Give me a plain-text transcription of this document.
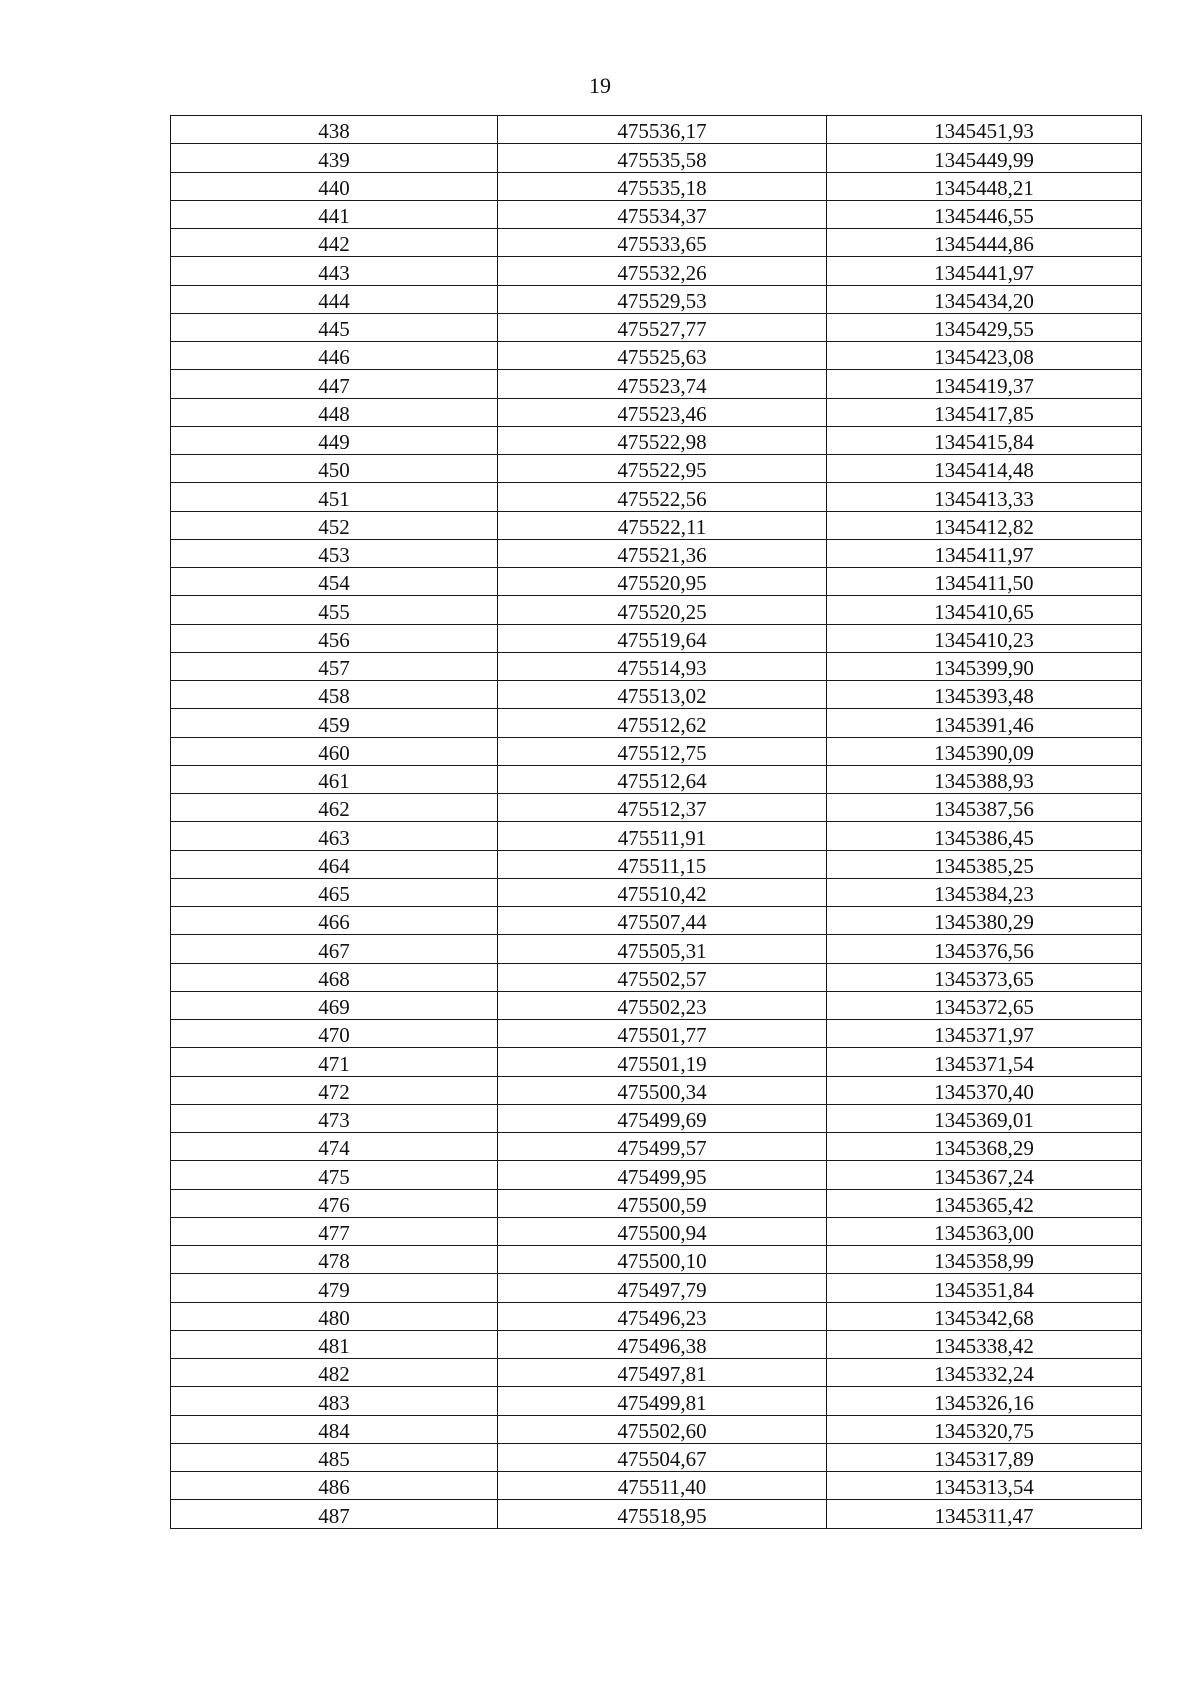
19
438	475536,17	1345451,93
439	475535,58	1345449,99
440	475535,18	1345448,21
441	475534,37	1345446,55
442	475533,65	1345444,86
443	475532,26	1345441,97
444	475529,53	1345434,20
445	475527,77	1345429,55
446	475525,63	1345423,08
447	475523,74	1345419,37
448	475523,46	1345417,85
449	475522,98	1345415,84
450	475522,95	1345414,48
451	475522,56	1345413,33
452	475522,11	1345412,82
453	475521,36	1345411,97
454	475520,95	1345411,50
455	475520,25	1345410,65
456	475519,64	1345410,23
457	475514,93	1345399,90
458	475513,02	1345393,48
459	475512,62	1345391,46
460	475512,75	1345390,09
461	475512,64	1345388,93
462	475512,37	1345387,56
463	475511,91	1345386,45
464	475511,15	1345385,25
465	475510,42	1345384,23
466	475507,44	1345380,29
467	475505,31	1345376,56
468	475502,57	1345373,65
469	475502,23	1345372,65
470	475501,77	1345371,97
471	475501,19	1345371,54
472	475500,34	1345370,40
473	475499,69	1345369,01
474	475499,57	1345368,29
475	475499,95	1345367,24
476	475500,59	1345365,42
477	475500,94	1345363,00
478	475500,10	1345358,99
479	475497,79	1345351,84
480	475496,23	1345342,68
481	475496,38	1345338,42
482	475497,81	1345332,24
483	475499,81	1345326,16
484	475502,60	1345320,75
485	475504,67	1345317,89
486	475511,40	1345313,54
487	475518,95	1345311,47
